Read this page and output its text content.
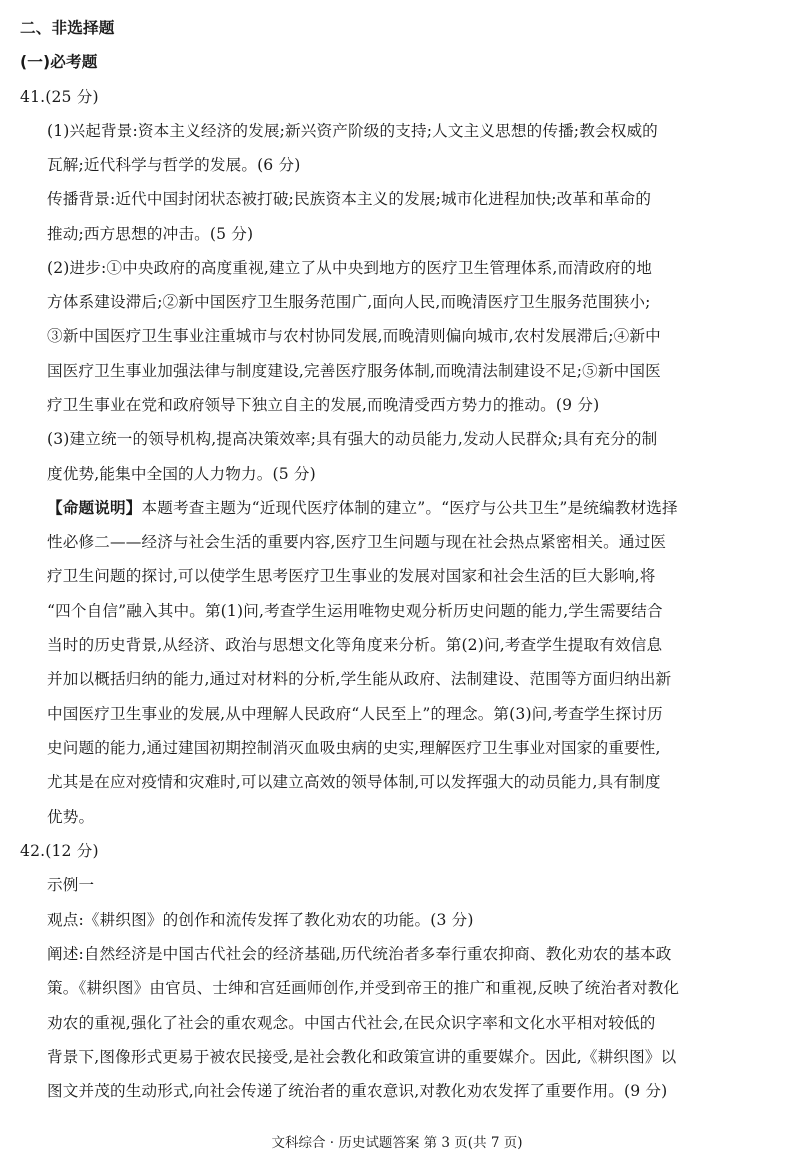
二、非选择题
(一)必考题
41.(25 分)
(1)兴起背景:资本主义经济的发展;新兴资产阶级的支持;人文主义思想的传播;教会权威的
瓦解;近代科学与哲学的发展。(6 分)
传播背景:近代中国封闭状态被打破;民族资本主义的发展;城市化进程加快;改革和革命的
推动;西方思想的冲击。(5 分)
(2)进步:①中央政府的高度重视,建立了从中央到地方的医疗卫生管理体系,而清政府的地
方体系建设滞后;②新中国医疗卫生服务范围广,面向人民,而晚清医疗卫生服务范围狭小;
③新中国医疗卫生事业注重城市与农村协同发展,而晚清则偏向城市,农村发展滞后;④新中
国医疗卫生事业加强法律与制度建设,完善医疗服务体制,而晚清法制建设不足;⑤新中国医
疗卫生事业在党和政府领导下独立自主的发展,而晚清受西方势力的推动。(9 分)
(3)建立统一的领导机构,提高决策效率;具有强大的动员能力,发动人民群众;具有充分的制
度优势,能集中全国的人力物力。(5 分)
【命题说明】本题考查主题为“近现代医疗体制的建立”。“医疗与公共卫生”是统编教材选择
性必修二——经济与社会生活的重要内容,医疗卫生问题与现在社会热点紧密相关。通过医
疗卫生问题的探讨,可以使学生思考医疗卫生事业的发展对国家和社会生活的巨大影响,将
“四个自信”融入其中。第(1)问,考查学生运用唯物史观分析历史问题的能力,学生需要结合
当时的历史背景,从经济、政治与思想文化等角度来分析。第(2)问,考查学生提取有效信息
并加以概括归纳的能力,通过对材料的分析,学生能从政府、法制建设、范围等方面归纳出新
中国医疗卫生事业的发展,从中理解人民政府“人民至上”的理念。第(3)问,考查学生探讨历
史问题的能力,通过建国初期控制消灭血吸虫病的史实,理解医疗卫生事业对国家的重要性,
尤其是在应对疫情和灾难时,可以建立高效的领导体制,可以发挥强大的动员能力,具有制度
优势。
42.(12 分)
示例一
观点:《耕织图》的创作和流传发挥了教化劝农的功能。(3 分)
阐述:自然经济是中国古代社会的经济基础,历代统治者多奉行重农抑商、教化劝农的基本政
策。《耕织图》由官员、士绅和宫廷画师创作,并受到帝王的推广和重视,反映了统治者对教化
劝农的重视,强化了社会的重农观念。中国古代社会,在民众识字率和文化水平相对较低的
背景下,图像形式更易于被农民接受,是社会教化和政策宣讲的重要媒介。因此,《耕织图》以
图文并茂的生动形式,向社会传递了统治者的重农意识,对教化劝农发挥了重要作用。(9 分)
文科综合 · 历史试题答案 第 3 页(共 7 页)
